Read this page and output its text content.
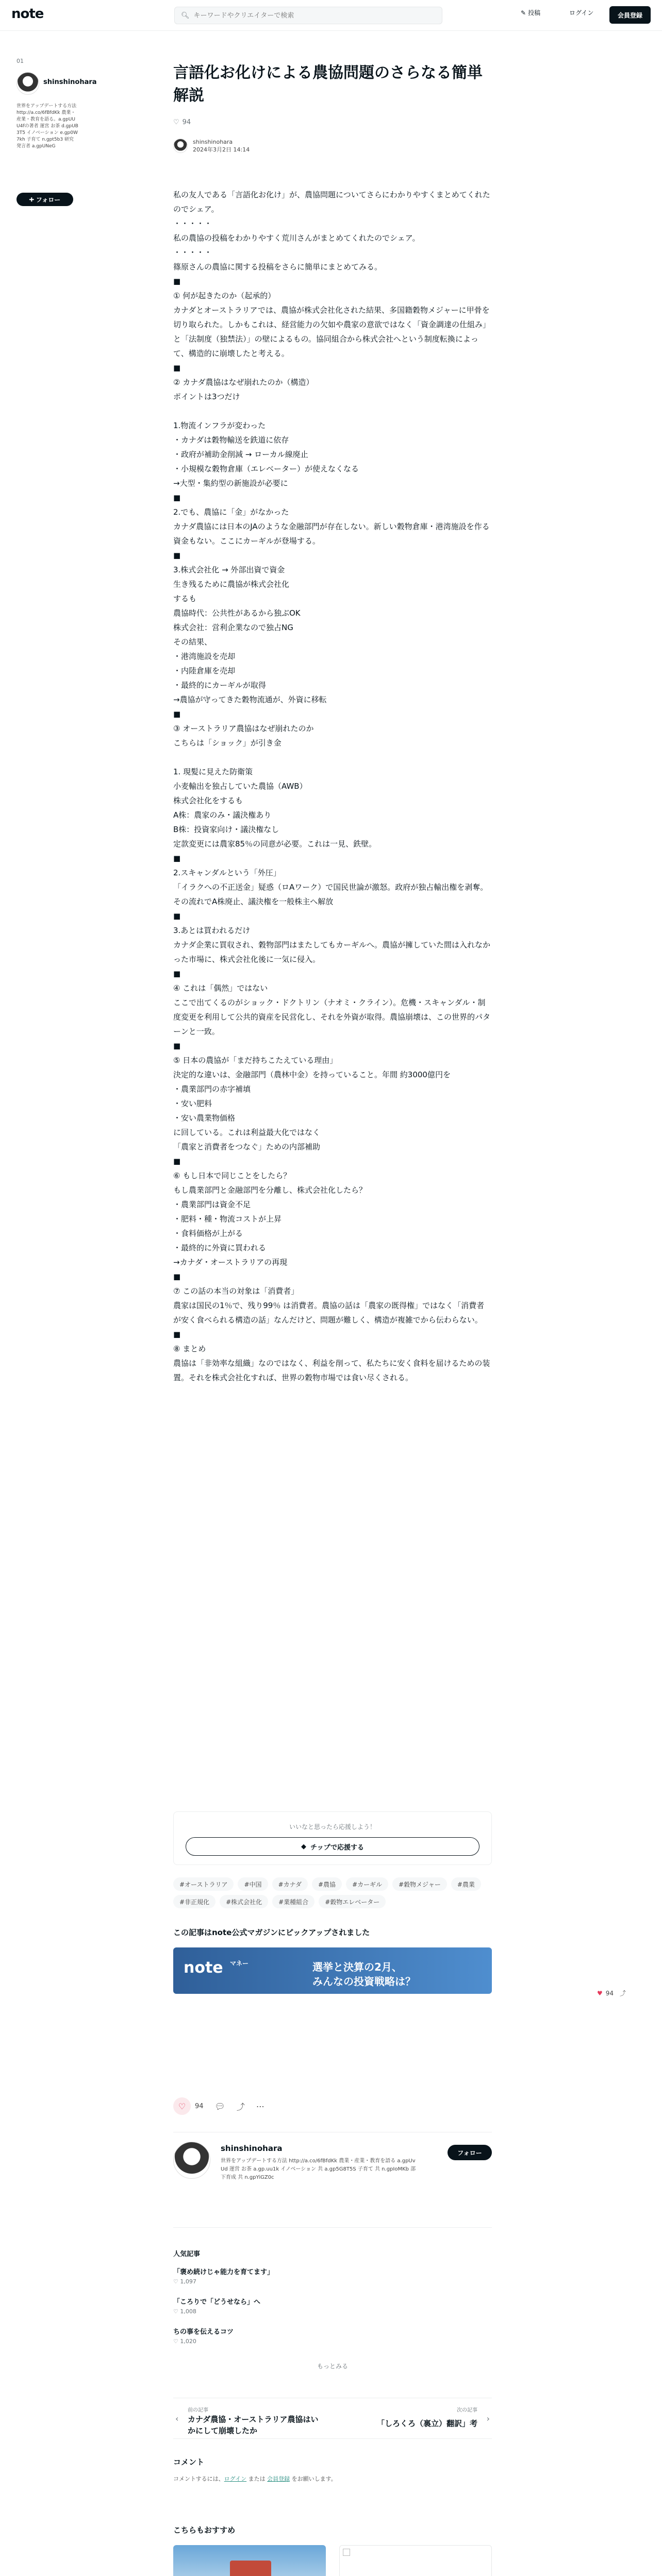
note	🔍︎
キーワードやクリエイターで検索	✎ 投稿	ログイン	会員登録
01
shinshinohara
世界をアップデートする方法 http://a.co/6fBfdKk 農業・産業・教育を語る。a.gpUUU4fの著者 運営 お茶 d.gpUB3T5 イノベーション e.gp0W7kh 子育て n.gpt5b3 研究 発言者 a.gpUNeG
➕︎ フォロー
♥ 94 ⤴
言語化お化けによる農協問題のさらなる簡単解説
♡ 94
shinshinohara
2024年3月2日 14:14
私の友人である「言語化お化け」が、農協問題についてさらにわかりやすくまとめてくれたのでシェア。
・・・・・
私の農協の投稿をわかりやすく荒川さんがまとめてくれたのでシェア。
・・・・・
篠原さんの農協に関する投稿をさらに簡単にまとめてみる。
■
① 何が起きたのか（起承的）
カナダとオーストラリアでは、農協が株式会社化された結果、多国籍穀物メジャーに甲骨を切り取られた。しかもこれは、経営能力の欠如や農家の意欲ではなく「資金調達の仕組み」と「法制度（独禁法）」の壁によるもの。協同組合から株式会社へという制度転換によって、構造的に崩壊したと考える。
■
② カナダ農協はなぜ崩れたのか（構造）
ポイントは3つだけ
1.物流インフラが変わった
・カナダは穀物輸送を鉄道に依存
・政府が補助金削減 → ローカル線廃止
・小規模な穀物倉庫（エレベーター）が使えなくなる
→大型・集約型の新施設が必要に
■
2.でも、農協に「金」がなかった
カナダ農協には日本のJAのような金融部門が存在しない。新しい穀物倉庫・港湾施設を作る資金もない。ここにカーギルが登場する。
■
3.株式会社化 → 外部出資で資金
生き残るために農協が株式会社化
するも
農協時代：公共性があるから独ぶOK
株式会社：営利企業なので独占NG
その結果、
・港湾施設を売却
・内陸倉庫を売却
・最終的にカーギルが取得
→農協が守ってきた穀物流通が、外資に移転
■
③ オーストラリア農協はなぜ崩れたのか
こちらは「ショック」が引き金
1. 現髪に見えた防衛策
小麦輸出を独占していた農協（AWB）
株式会社化をするも
A株：農家のみ・議決権あり
B株：投資家向け・議決権なし
定款変更には農家85％の同意が必要。これは一見、鉄壁。
■
2.スキャンダルという「外圧」
「イラクへの不正送金」疑惑（ロAワーク）で国民世論が激怒。政府が独占輸出権を剥奪。その流れでA株廃止、議決権を一般株主へ解放
■
3.あとは買われるだけ
カナダ企業に買収され、穀物部門はまたしてもカーギルへ。農協が擁していた間は入れなかった市場に、株式会社化後に一気に侵入。
■
④ これは「偶然」ではない
ここで出てくるのがショック・ドクトリン（ナオミ・クライン）。危機・スキャンダル・制度変更を利用して公共的資産を民営化し、それを外資が取得。農協崩壊は、この世界的パターンと一致。
■
⑤ 日本の農協が「まだ持ちこたえている理由」
決定的な違いは、金融部門（農林中金）を持っていること。年間 約3000億円を
・農業部門の赤字補填
・安い肥料
・安い農業物価格
に回している。これは利益最大化ではなく
「農家と消費者をつなぐ」ための内部補助
■
⑥ もし日本で同じことをしたら？
もし農業部門と金融部門を分離し、株式会社化したら？
・農業部門は資金不足
・肥料・種・物流コストが上昇
・食料価格が上がる
・最終的に外資に買われる
→カナダ・オーストラリアの再現
■
⑦ この話の本当の対象は「消費者」
農家は国民の1％で、残り99％ は消費者。農協の話は「農家の既得権」ではなく「消費者が安く食べられる構造の話」なんだけど、問題が難しく、構造が複雑でから伝わらない。
■
⑧ まとめ
農協は「非効率な組織」なのではなく、利益を削って、私たちに安く食料を届けるための装置。それを株式会社化すれば、世界の穀物市場では食い尽くされる。
いいなと思ったら応援しよう！
◆ チップで応援する
#オーストラリア	#中国	#カナダ	#農協	#カーギル	#穀物メジャー	#農業
#非正規化	#株式会社化	#業種組合	#穀物エレベーター
この記事はnote公式マガジンにピックアップされました
note マネー	選挙と決算の2月、
みんなの投資戦略は？
♡ 94 💬︎ ⤴ ⋯
shinshinohara
世界をアップデートする方法 http://a.co/6fBfdKk 農業・産業・教育を語る a.gpUvUd 運営 お茶 a.gp.uu1k イノベーション 共 a.gp5G8T5S 子育て 共 n.gpIoMKb 部下育成 共 n.gpYiGZ0c
フォロー
人気記事
「褒め続けじゃ能力を育てます」
♡ 1,097
「ころりで「どうせなら」へ
♡ 1,008
ちの事を伝えるコツ
♡ 1,020
もっとみる
‹
前の記事
カナダ農協・オーストラリア農協はいかにして崩壊したか
次の記事
「しろくろ（裏立）翻訳」考 ›
コメント
コメントするには、ログイン または 会員登録 をお願いします。
こちらもおすすめ
